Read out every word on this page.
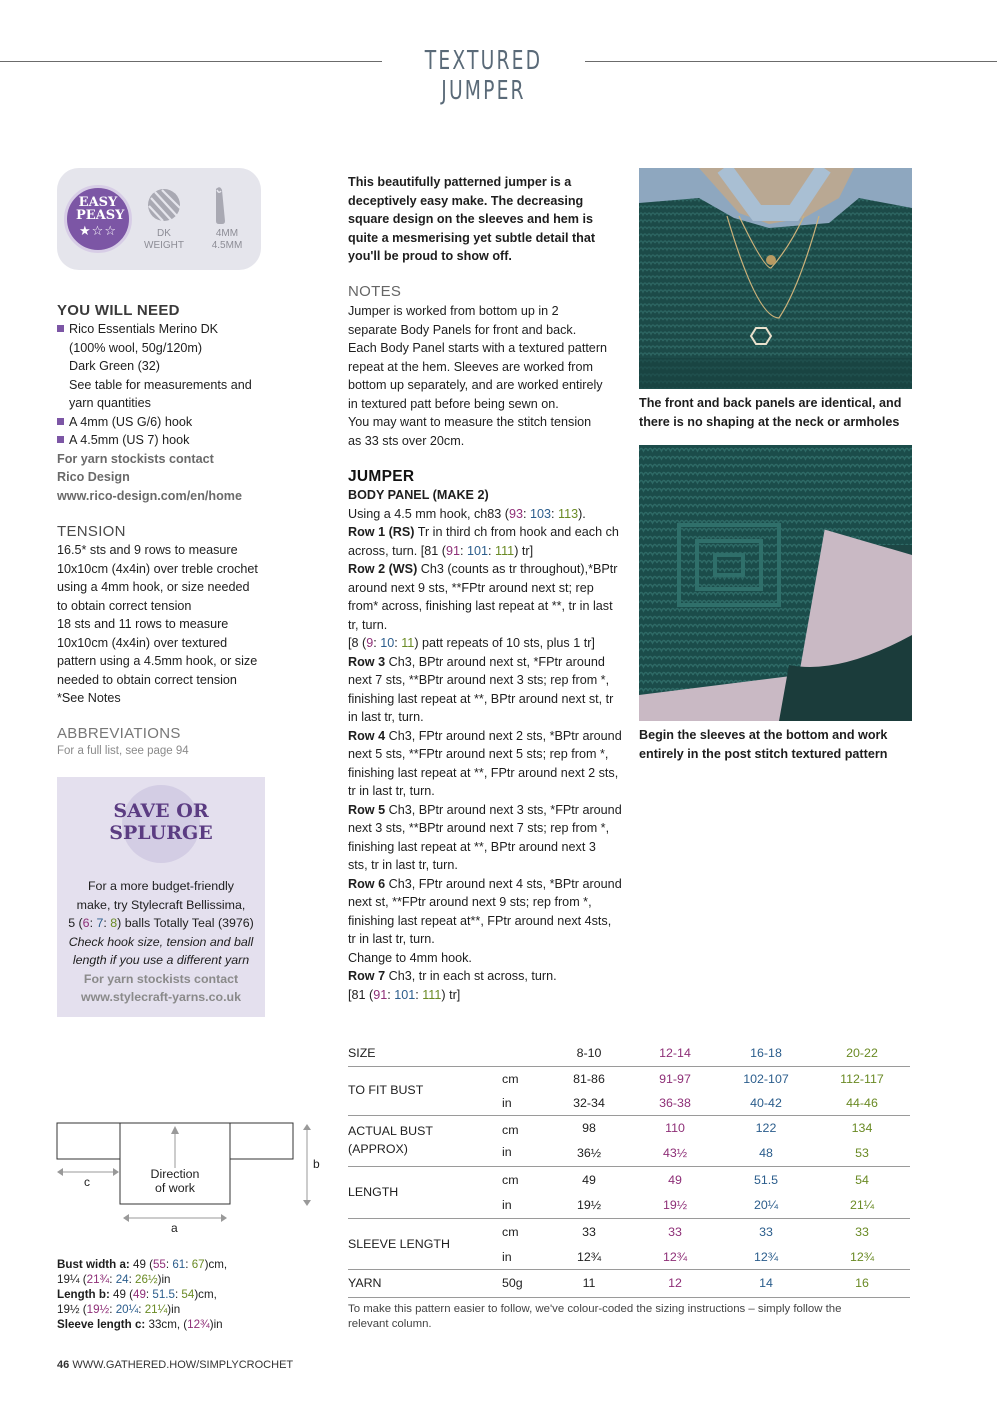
TEXTURED JUMPER
EASY PEASY
★☆☆	DK WEIGHT
4MM 4.5MM
YOU WILL NEED
Rico Essentials Merino DK
(100% wool, 50g/120m)
Dark Green (32)
See table for measurements and
yarn quantities
A 4mm (US G/6) hook
A 4.5mm (US 7) hook
For yarn stockists contact
Rico Design
www.rico-design.com/en/home
TENSION
16.5* sts and 9 rows to measure
10x10cm (4x4in) over treble crochet
using a 4mm hook, or size needed
to obtain correct tension
18 sts and 11 rows to measure
10x10cm (4x4in) over textured
pattern using a 4.5mm hook, or size
needed to obtain correct tension
*See Notes
ABBREVIATIONS
For a full list, see page 94
SAVE OR
SPLURGE
For a more budget-friendly
make, try Stylecraft Bellissima,
5 (6: 7: 8) balls Totally Teal (3976)
Check hook size, tension and ball
length if you use a different yarn
For yarn stockists contact
www.stylecraft-yarns.co.uk
This beautifully patterned jumper is a
deceptively easy make. The decreasing
square design on the sleeves and hem is
quite a mesmerising yet subtle detail that
you'll be proud to show off.
NOTES
Jumper is worked from bottom up in 2
separate Body Panels for front and back.
Each Body Panel starts with a textured pattern
repeat at the hem. Sleeves are worked from
bottom up separately, and are worked entirely
in textured patt before being sewn on.
You may want to measure the stitch tension
as 33 sts over 20cm.
JUMPER
BODY PANEL (MAKE 2)
Using a 4.5 mm hook, ch83 (93: 103: 113).
Row 1 (RS) Tr in third ch from hook and each ch
across, turn. [81 (91: 101: 111) tr]
Row 2 (WS) Ch3 (counts as tr throughout),*BPtr
around next 9 sts, **FPtr around next st; rep
from* across, finishing last repeat at **, tr in last
tr, turn.
[8 (9: 10: 11) patt repeats of 10 sts, plus 1 tr]
Row 3 Ch3, BPtr around next st, *FPtr around
next 7 sts, **BPtr around next 3 sts; rep from *,
finishing last repeat at **, BPtr around next st, tr
in last tr, turn.
Row 4 Ch3, FPtr around next 2 sts, *BPtr around
next 5 sts, **FPtr around next 5 sts; rep from *,
finishing last repeat at **, FPtr around next 2 sts,
tr in last tr, turn.
Row 5 Ch3, BPtr around next 3 sts, *FPtr around
next 3 sts, **BPtr around next 7 sts; rep from *,
finishing last repeat at **, BPtr around next 3
sts, tr in last tr, turn.
Row 6 Ch3, FPtr around next 4 sts, *BPtr around
next st, **FPtr around next 9 sts; rep from *,
finishing last repeat at**, FPtr around next 4sts,
tr in last tr, turn.
Change to 4mm hook.
Row 7 Ch3, tr in each st across, turn.
[81 (91: 101: 111) tr]
The front and back panels are identical, and
there is no shaping at the neck or armholes
Begin the sleeves at the bottom and work
entirely in the post stitch textured pattern
Direction
of work
c
a
b
Bust width a: 49 (55: 61: 67)cm,
19¼ (21¾: 24: 26½)in
Length b: 49 (49: 51.5: 54)cm,
19½ (19½: 20¼: 21¼)in
Sleeve length c: 33cm, (12¾)in
SIZE	8-10	12-14	16-18	20-22
TO FIT BUST
cm	81-86	91-97	102-107	112-117
in	32-34	36-38	40-42	44-46
ACTUAL BUST
(APPROX)
cm	98	110	122	134
in	36½	43½	48	53
LENGTH
cm	49	49	51.5	54
in	19½	19½	20¼	21¼
SLEEVE LENGTH
cm	33	33	33	33
in	12¾	12¾	12¾	12¾
YARN	50g	11	12	14	16
To make this pattern easier to follow, we've colour-coded the sizing instructions – simply follow the
relevant column.
46 WWW.GATHERED.HOW/SIMPLYCROCHET
